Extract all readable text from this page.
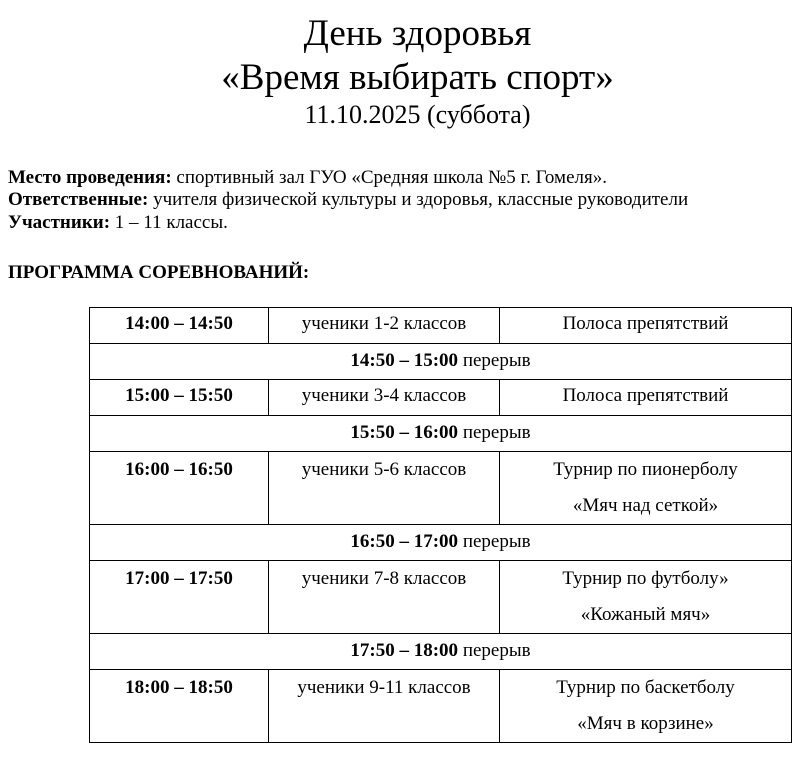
День здоровья
«Время выбирать спорт»
11.10.2025 (суббота)
Место проведения: спортивный зал ГУО «Средняя школа №5 г. Гомеля».
Ответственные: учителя физической культуры и здоровья, классные руководители
Участники: 1 – 11 классы.
ПРОГРАММА СОРЕВНОВАНИЙ:
14:00 – 14:50	ученики 1-2 классов	Полоса препятствий
14:50 – 15:00 перерыв		
15:00 – 15:50	ученики 3-4 классов	Полоса препятствий
15:50 – 16:00 перерыв		
16:00 – 16:50	ученики 5-6 классов	Турнир по пионерболу
«Мяч над сеткой»

16:50 – 17:00 перерыв		
17:00 – 17:50	ученики 7-8 классов	Турнир по футболу»
«Кожаный мяч»

17:50 – 18:00 перерыв		
18:00 – 18:50	ученики 9-11 классов	Турнир по баскетболу
«Мяч в корзине»
